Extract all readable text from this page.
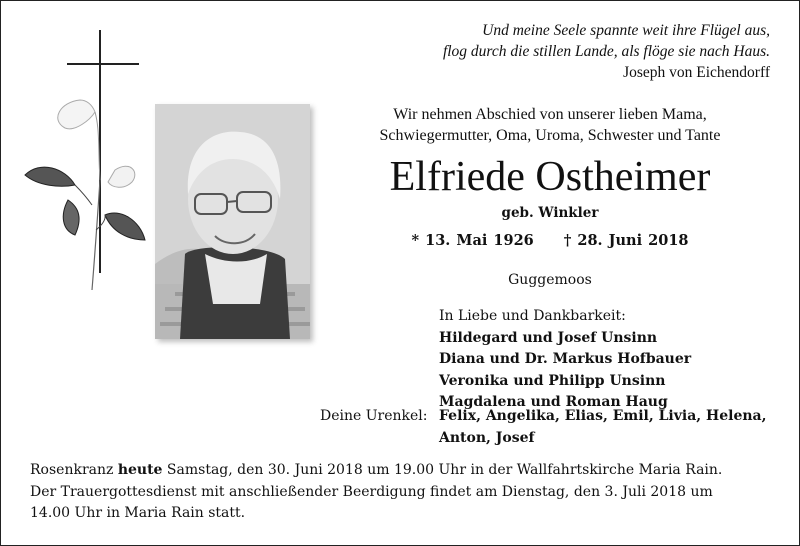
Und meine Seele spannte weit ihre Flügel aus,
flog durch die stillen Lande, als flöge sie nach Haus.
Joseph von Eichendorff
Wir nehmen Abschied von unserer lieben Mama,
Schwiegermutter, Oma, Uroma, Schwester und Tante
Elfriede Ostheimer
geb. Winkler
* 13. Mai 1926 † 28. Juni 2018
Guggemoos
In Liebe und Dankbarkeit:
Hildegard und Josef Unsinn
Diana und Dr. Markus Hofbauer
Veronika und Philipp Unsinn
Magdalena und Roman Haug
Deine Urenkel: Felix, Angelika, Elias, Emil, Livia, Helena,
Anton, Josef
Rosenkranz heute Samstag, den 30. Juni 2018 um 19.00 Uhr in der Wallfahrtskirche Maria Rain.
Der Trauergottesdienst mit anschließender Beerdigung findet am Dienstag, den 3. Juli 2018 um
14.00 Uhr in Maria Rain statt.
